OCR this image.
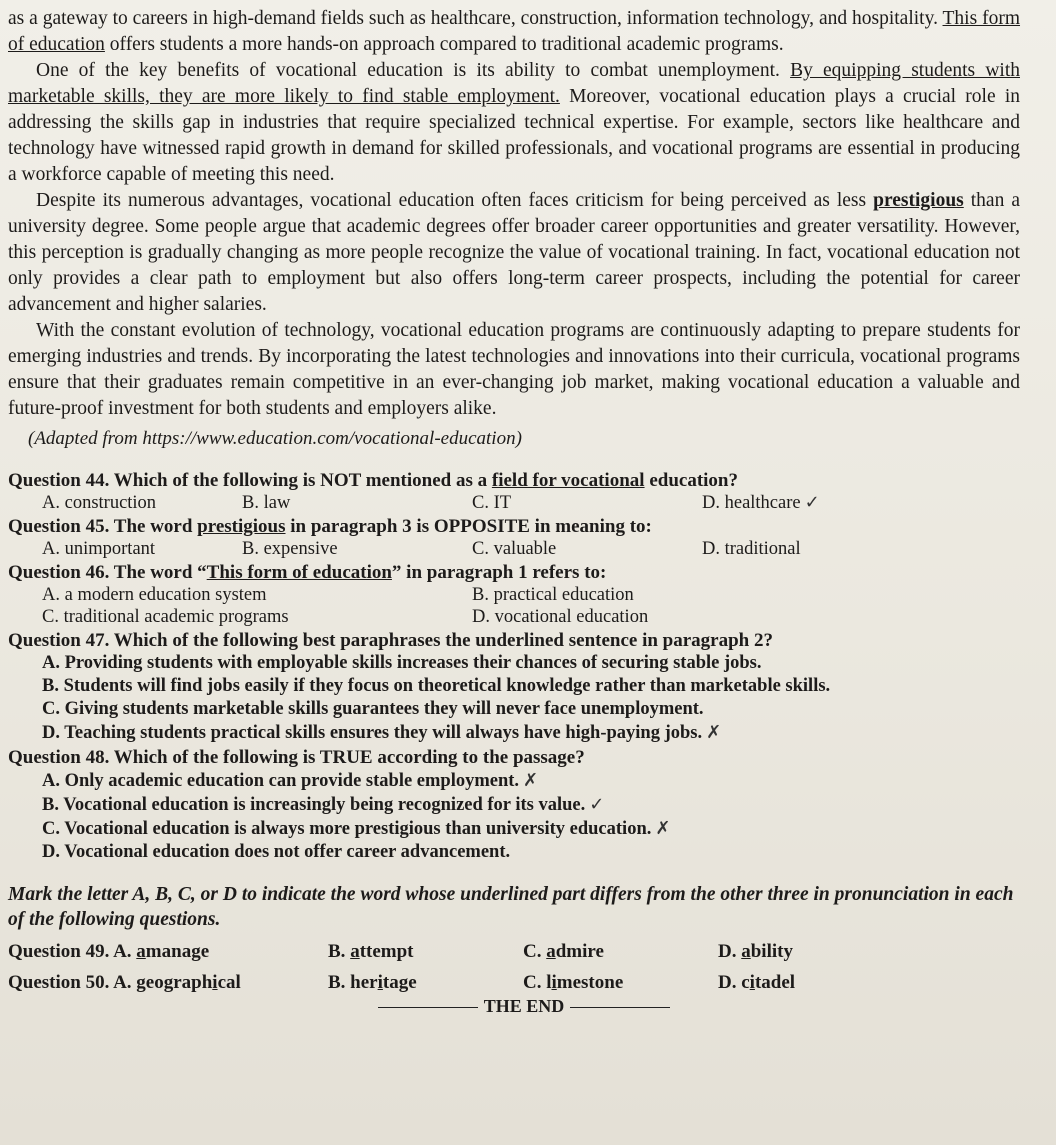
as a gateway to careers in high-demand fields such as healthcare, construction, information technology, and hospitality. This form of education offers students a more hands-on approach compared to traditional academic programs.

One of the key benefits of vocational education is its ability to combat unemployment. By equipping students with marketable skills, they are more likely to find stable employment. Moreover, vocational education plays a crucial role in addressing the skills gap in industries that require specialized technical expertise. For example, sectors like healthcare and technology have witnessed rapid growth in demand for skilled professionals, and vocational programs are essential in producing a workforce capable of meeting this need.

Despite its numerous advantages, vocational education often faces criticism for being perceived as less prestigious than a university degree. Some people argue that academic degrees offer broader career opportunities and greater versatility. However, this perception is gradually changing as more people recognize the value of vocational training. In fact, vocational education not only provides a clear path to employment but also offers long-term career prospects, including the potential for career advancement and higher salaries.

With the constant evolution of technology, vocational education programs are continuously adapting to prepare students for emerging industries and trends. By incorporating the latest technologies and innovations into their curricula, vocational programs ensure that their graduates remain competitive in an ever-changing job market, making vocational education a valuable and future-proof investment for both students and employers alike.

(Adapted from https://www.education.com/vocational-education)

Question 44. Which of the following is NOT mentioned as a field for vocational education?
A. construction	B. law	C. IT	D. healthcare ✓
Question 45. The word prestigious in paragraph 3 is OPPOSITE in meaning to:
A. unimportant	B. expensive	C. valuable	D. traditional
Question 46. The word “This form of education” in paragraph 1 refers to:
A. a modern education system	B. practical education
C. traditional academic programs	D. vocational education
Question 47. Which of the following best paraphrases the underlined sentence in paragraph 2?
A. Providing students with employable skills increases their chances of securing stable jobs.
B. Students will find jobs easily if they focus on theoretical knowledge rather than marketable skills.
C. Giving students marketable skills guarantees they will never face unemployment.
D. Teaching students practical skills ensures they will always have high-paying jobs. ✗
Question 48. Which of the following is TRUE according to the passage?
A. Only academic education can provide stable employment. ✗
B. Vocational education is increasingly being recognized for its value. ✓
C. Vocational education is always more prestigious than university education. ✗
D. Vocational education does not offer career advancement.
Mark the letter A, B, C, or D to indicate the word whose underlined part differs from the other three in pronunciation in each of the following questions.
Question 49. A. amanage	B. attempt	C. admire	D. ability
Question 50. A. geographical	B. heritage	C. limestone	D. citadel
THE END
